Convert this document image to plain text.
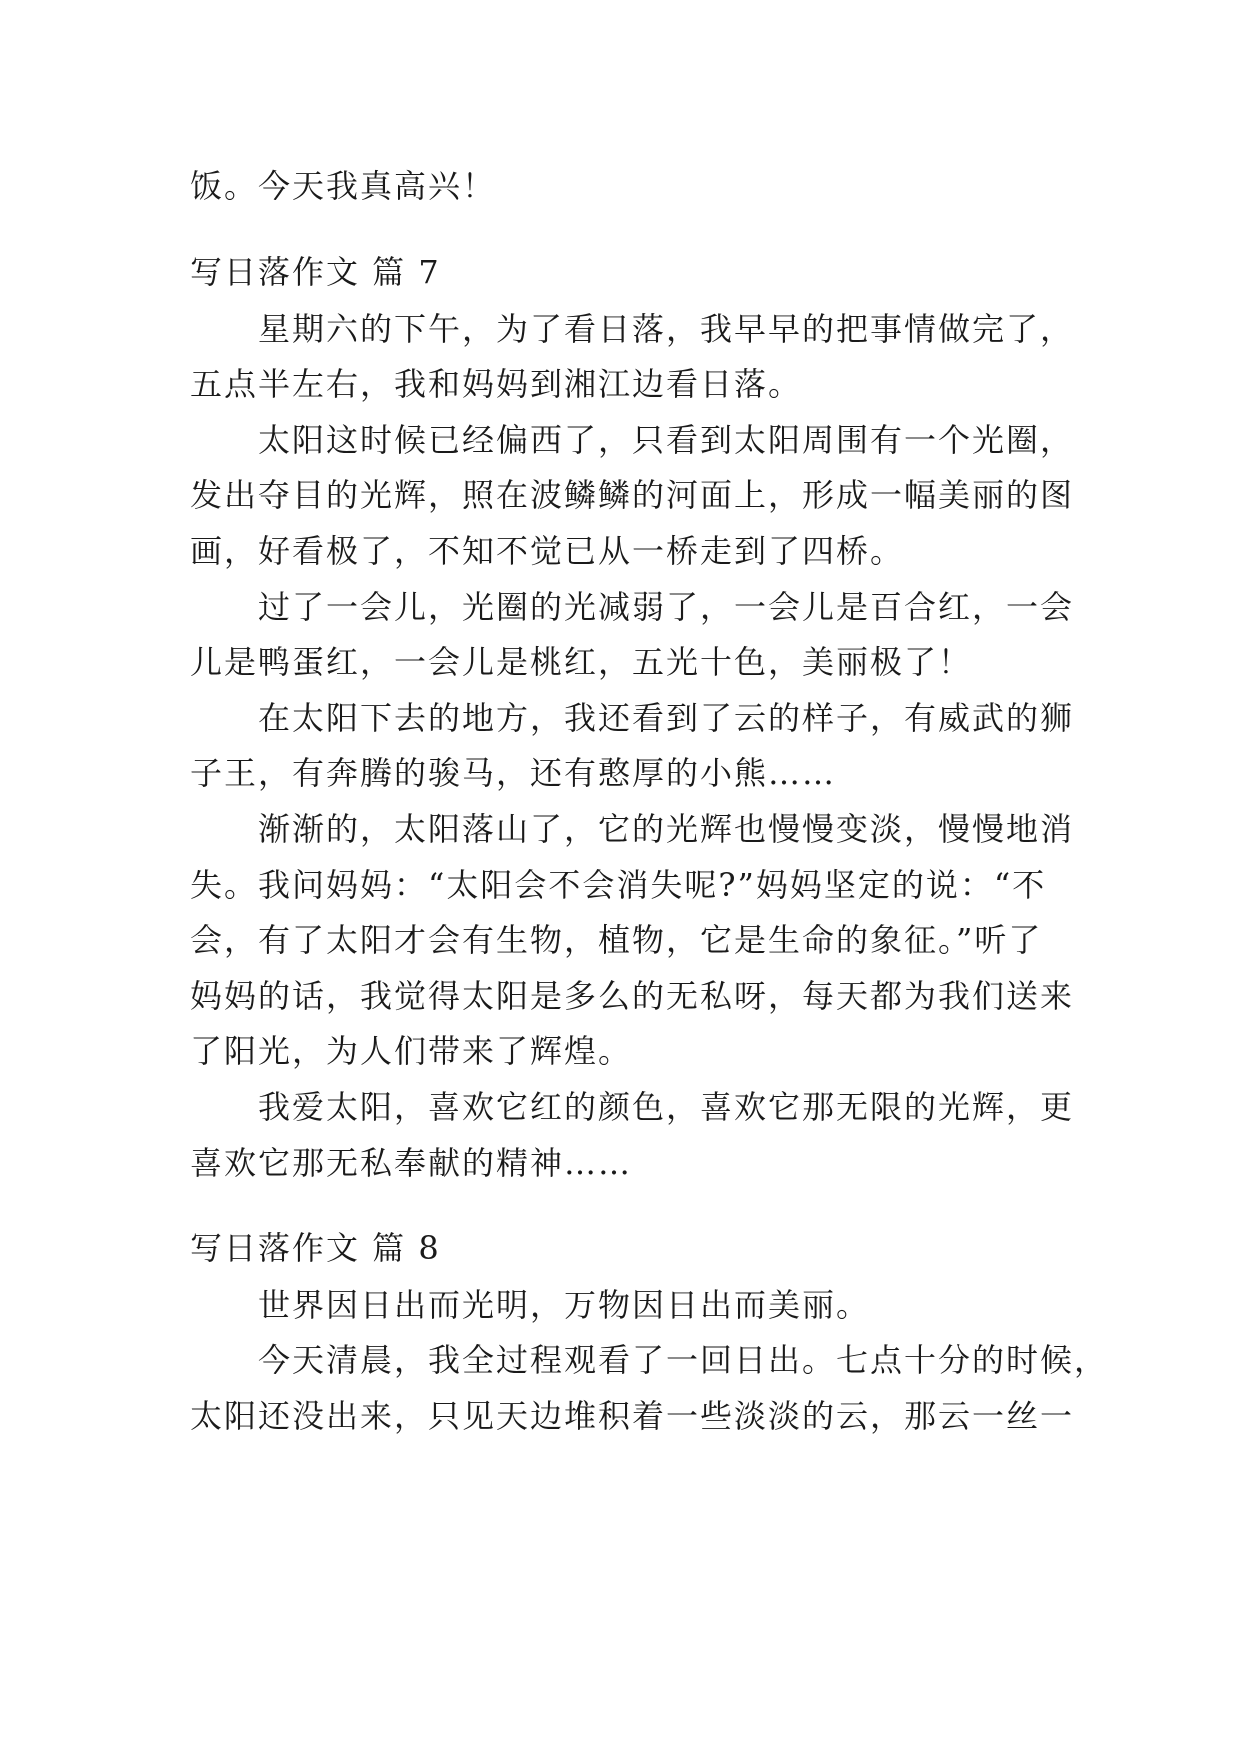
饭。今天我真高兴！
写日落作文 篇 7
星期六的下午，为了看日落，我早早的把事情做完了，
五点半左右，我和妈妈到湘江边看日落。
太阳这时候已经偏西了，只看到太阳周围有一个光圈，
发出夺目的光辉，照在波鳞鳞的河面上，形成一幅美丽的图
画，好看极了，不知不觉已从一桥走到了四桥。
过了一会儿，光圈的光减弱了，一会儿是百合红，一会
儿是鸭蛋红，一会儿是桃红，五光十色，美丽极了！
在太阳下去的地方，我还看到了云的样子，有威武的狮
子王，有奔腾的骏马，还有憨厚的小熊……
渐渐的，太阳落山了，它的光辉也慢慢变淡，慢慢地消
失。我问妈妈：“太阳会不会消失呢?”妈妈坚定的说：“不
会，有了太阳才会有生物，植物，它是生命的象征。”听了
妈妈的话，我觉得太阳是多么的无私呀，每天都为我们送来
了阳光，为人们带来了辉煌。
我爱太阳，喜欢它红的颜色，喜欢它那无限的光辉，更
喜欢它那无私奉献的精神……
写日落作文 篇 8
世界因日出而光明，万物因日出而美丽。
今天清晨，我全过程观看了一回日出。七点十分的时候，
太阳还没出来，只见天边堆积着一些淡淡的云，那云一丝一
